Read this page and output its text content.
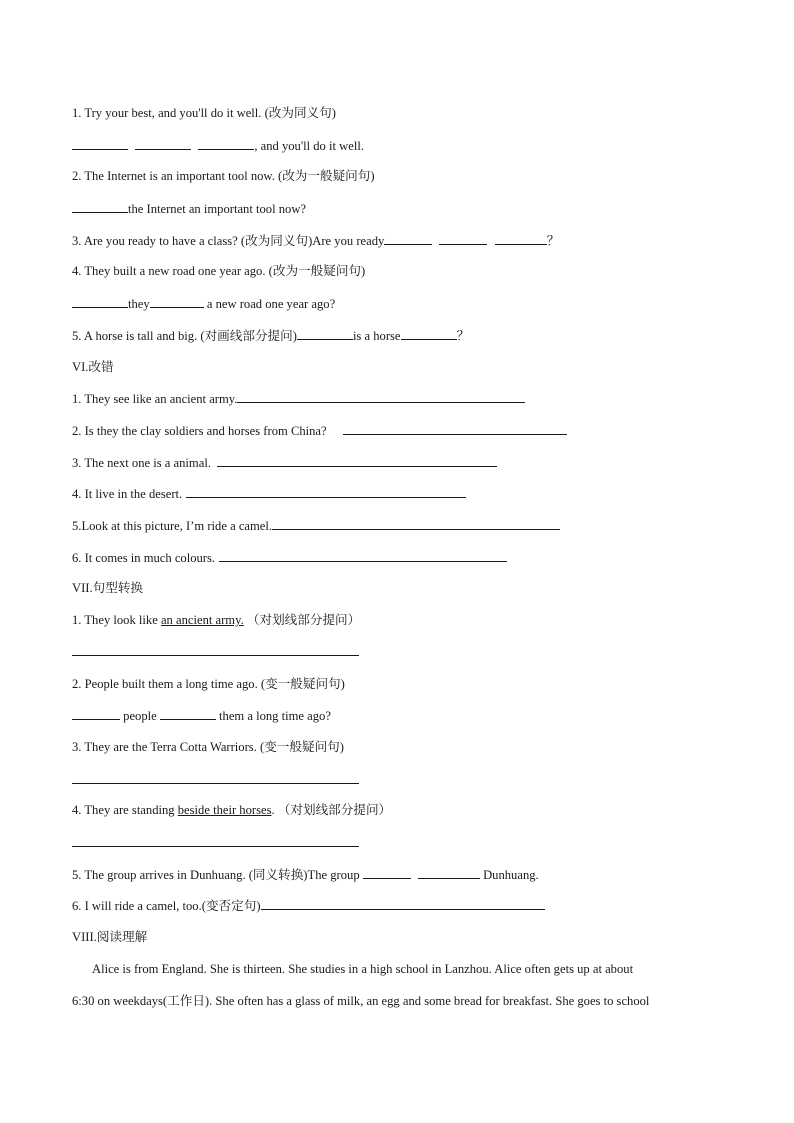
1. Try your best, and you'll do it well. (改为同义句)
, and you'll do it well.
2. The Internet is an important tool now. (改为一般疑问句)
the Internet an important tool now?
3. Are you ready to have a class? (改为同义句)Are you ready	？
4. They built a new road one year ago. (改为一般疑问句)
they	a new road one year ago?
5. A horse is tall and big. (对画线部分提问)	is a horse	？
VI.改错
1. They see like an ancient army.
2. Is they the clay soldiers and horses from China?
3. The next one is a animal.
4. It live in the desert.
5.Look at this picture, I’m ride a camel.
6. It comes in much colours.
VII.句型转换
1. They look like an ancient army. （对划线部分提问）
2. People built them a long time ago. (变一般疑问句)
people	them a long time ago?
3. They are the Terra Cotta Warriors. (变一般疑问句)
4. They are standing beside their horses. （对划线部分提问）
5. The group arrives in Dunhuang. (同义转换)The group	Dunhuang.
6. I will ride a camel, too.(变否定句)
VIII.阅读理解
Alice is from England. She is thirteen. She studies in a high school in Lanzhou. Alice often gets up at about
6:30 on weekdays(工作日). She often has a glass of milk, an egg and some bread for breakfast. She goes to school
